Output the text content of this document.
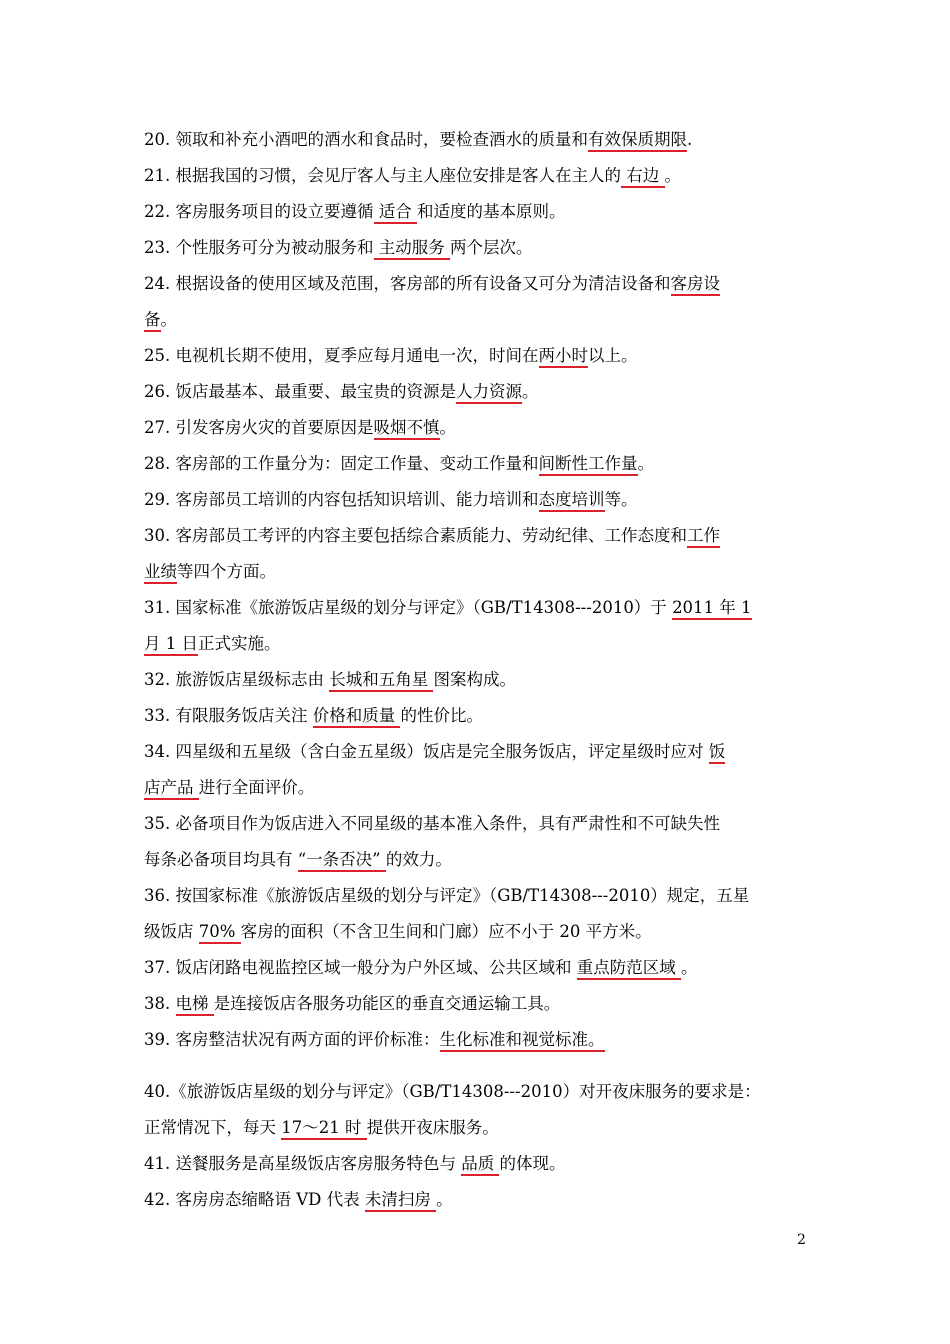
20. 领取和补充小酒吧的酒水和食品时，要检查酒水的质量和有效保质期限.
21. 根据我国的习惯，会见厅客人与主人座位安排是客人在主人的 右边 。
22. 客房服务项目的设立要遵循 适合 和适度的基本原则。
23. 个性服务可分为被动服务和 主动服务 两个层次。
24. 根据设备的使用区域及范围，客房部的所有设备又可分为清洁设备和客房设
备。
25. 电视机长期不使用，夏季应每月通电一次，时间在两小时以上。
26. 饭店最基本、最重要、最宝贵的资源是人力资源。
27. 引发客房火灾的首要原因是吸烟不慎。
28. 客房部的工作量分为：固定工作量、变动工作量和间断性工作量。
29. 客房部员工培训的内容包括知识培训、能力培训和态度培训等。
30. 客房部员工考评的内容主要包括综合素质能力、劳动纪律、工作态度和工作
业绩等四个方面。
31. 国家标准《旅游饭店星级的划分与评定》（GB/T14308---2010）于 2011 年 1
月 1 日正式实施。
32. 旅游饭店星级标志由 长城和五角星 图案构成。
33. 有限服务饭店关注 价格和质量 的性价比。
34. 四星级和五星级（含白金五星级）饭店是完全服务饭店，评定星级时应对 饭
店产品 进行全面评价。
35. 必备项目作为饭店进入不同星级的基本准入条件，具有严肃性和不可缺失性
每条必备项目均具有 “一条否决” 的效力。
36. 按国家标准《旅游饭店星级的划分与评定》（GB/T14308---2010）规定，五星
级饭店 70% 客房的面积（不含卫生间和门廊）应不小于 20 平方米。
37. 饭店闭路电视监控区域一般分为户外区域、公共区域和 重点防范区域 。
38. 电梯 是连接饭店各服务功能区的垂直交通运输工具。
39. 客房整洁状况有两方面的评价标准：生化标准和视觉标准。
40.《旅游饭店星级的划分与评定》（GB/T14308---2010）对开夜床服务的要求是：
正常情况下，每天 17～21 时 提供开夜床服务。
41. 送餐服务是高星级饭店客房服务特色与 品质 的体现。
42. 客房房态缩略语 VD 代表 未清扫房 。
2
